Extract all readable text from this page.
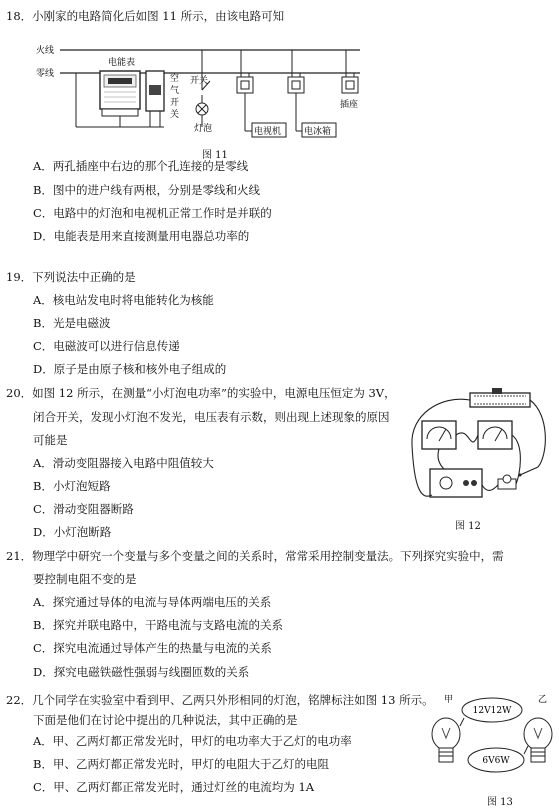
18．小刚家的电路简化后如图 11 所示，由该电路可知
火线
零线
电能表
空
气
开
关
开关
灯泡	电视机	电冰箱
插座
图 11
A．两孔插座中右边的那个孔连接的是零线
B．图中的进户线有两根，分别是零线和火线
C．电路中的灯泡和电视机正常工作时是并联的
D．电能表是用来直接测量用电器总功率的
19．下列说法中正确的是
A．核电站发电时将电能转化为核能
B．光是电磁波
C．电磁波可以进行信息传递
D．原子是由原子核和核外电子组成的
20．如图 12 所示，在测量“小灯泡电功率”的实验中，电源电压恒定为 3V，
闭合开关，发现小灯泡不发光，电压表有示数，则出现上述现象的原因
可能是
A．滑动变阻器接入电路中阻值较大
B．小灯泡短路
C．滑动变阻器断路
D．小灯泡断路	图 12
21．物理学中研究一个变量与多个变量之间的关系时，常常采用控制变量法。下列探究实验中，需
要控制电阻不变的是
A．探究通过导体的电流与导体两端电压的关系
B．探究并联电路中，干路电流与支路电流的关系
C．探究电流通过导体产生的热量与电流的关系
D．探究电磁铁磁性强弱与线圈匝数的关系
22．几个同学在实验室中看到甲、乙两只外形相同的灯泡，铭牌标注如图 13 所示。
下面是他们在讨论中提出的几种说法，其中正确的是
A．甲、乙两灯都正常发光时，甲灯的电功率大于乙灯的电功率
B．甲、乙两灯都正常发光时，甲灯的电阻大于乙灯的电阻
C．甲、乙两灯都正常发光时，通过灯丝的电流均为 1A
甲	乙
12V12W
6V6W
图 13
